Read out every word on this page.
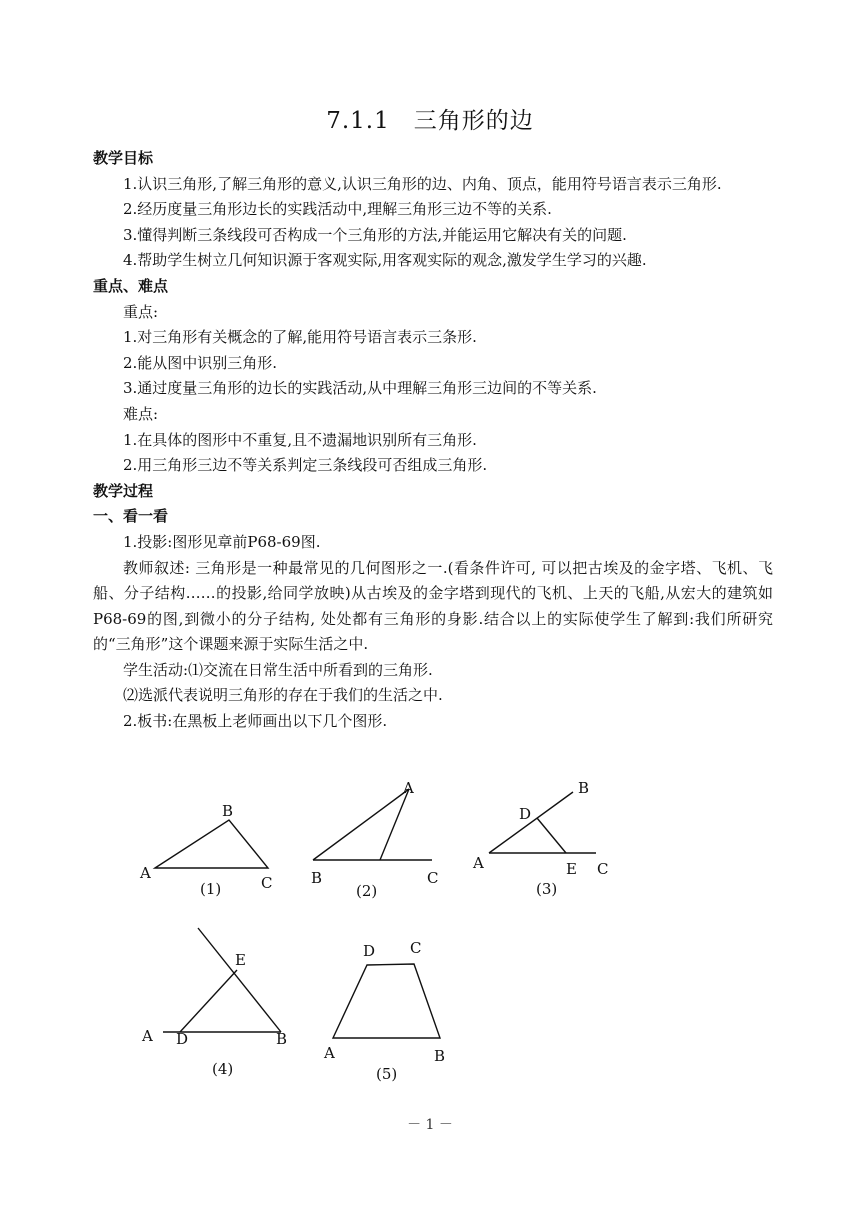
7.1.1　三角形的边
教学目标
1.认识三角形,了解三角形的意义,认识三角形的边、内角、顶点，能用符号语言表示三角形.
2.经历度量三角形边长的实践活动中,理解三角形三边不等的关系.
3.懂得判断三条线段可否构成一个三角形的方法,并能运用它解决有关的问题.
4.帮助学生树立几何知识源于客观实际,用客观实际的观念,激发学生学习的兴趣.
重点、难点
重点:
1.对三角形有关概念的了解,能用符号语言表示三条形.
2.能从图中识别三角形.
3.通过度量三角形的边长的实践活动,从中理解三角形三边间的不等关系.
难点:
1.在具体的图形中不重复,且不遗漏地识别所有三角形.
2.用三角形三边不等关系判定三条线段可否组成三角形.
教学过程
一、看一看
1.投影:图形见章前P68-69图.
教师叙述: 三角形是一种最常见的几何图形之一.(看条件许可, 可以把古埃及的金字塔、飞机、飞船、分子结构……的投影,给同学放映)从古埃及的金字塔到现代的飞机、上天的飞船,从宏大的建筑如P68-69的图,到微小的分子结构, 处处都有三角形的身影.结合以上的实际使学生了解到:我们所研究的“三角形”这个课题来源于实际生活之中.
学生活动:⑴交流在日常生活中所看到的三角形.
⑵选派代表说明三角形的存在于我们的生活之中.
2.板书:在黑板上老师画出以下几个图形.
B
A
C
(1)
A
B	C
(2)
B
D
A	E C
(3)
E
A D	B
(4)
D C
A	B
(5)
－ 1 －
